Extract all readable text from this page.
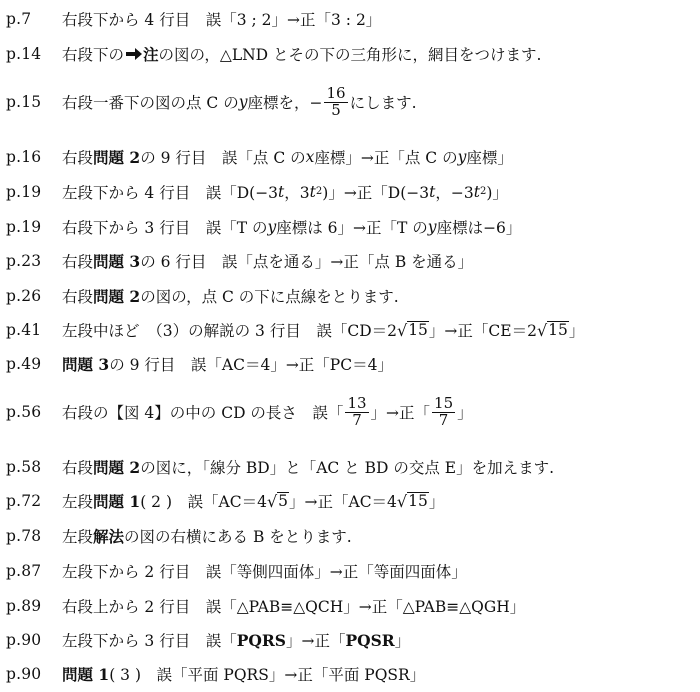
p.7	右段下から 4 行目　誤「3 ; 2」→正「3 : 2」
p.14	右段下の 注 の図の，△LND とその下の三角形に，網目をつけます.
p.15	右段一番下の図の点 C の y 座標を，− $\frac{16}{5}$ にします.
p.16	右段 問題 2 の 9 行目　誤「点 C の x 座標」→正「点 C の y 座標」
p.19	左段下から 4 行目　誤「D(−3 t ，3 t 2 )」→正「D(−3 t ，−3 t 2 )」
p.19	右段下から 3 行目　誤「T の y 座標は 6」→正「T の y 座標は−6」
p.23	右段 問題 3 の 6 行目　誤「点を通る」→正「点 B を通る」
p.26	右段 問題 2 の図の，点 C の下に点線をとります.
p.41	左段中ほど　（3）の解説の 3 行目　誤「CD＝2 √ 15 」→正「CE＝2 √ 15 」
p.49	問題 3 の 9 行目　誤「AC＝4」→正「PC＝4」
p.56	右段の【図 4】の中の CD の長さ　誤「 $\frac{13}{7}$ 」→正「 $\frac{15}{7}$ 」
p.58	右段 問題 2 の図に，「線分 BD」と「AC と BD の交点 E」を加えます.
p.72	左段 問題 1 ( 2 )　誤「AC＝4 √ 5 」→正「AC＝4 √ 15 」
p.78	左段 解法 の図の右横にある B をとります.
p.87	左段下から 2 行目　誤「等側四面体」→正「等面四面体」
p.89	右段上から 2 行目　誤「△PAB≡△QCH」→正「△PAB≡△QGH」
p.90	左段下から 3 行目　誤「 PQRS 」→正「 PQSR 」
p.90	問題 1 ( 3 )　誤「平面 PQRS」→正「平面 PQSR」
